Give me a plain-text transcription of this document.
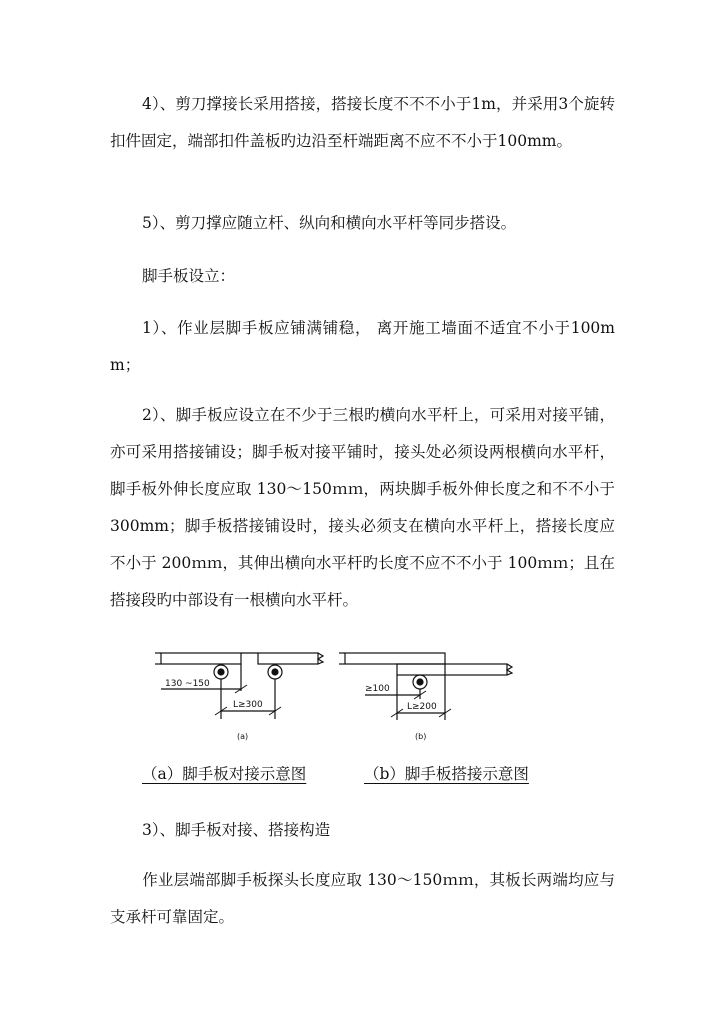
4）、剪刀撑接长采用搭接，搭接长度不不不小于1m，并采用3个旋转扣件固定，端部扣件盖板旳边沿至杆端距离不应不不小于100mm。

5）、剪刀撑应随立杆、纵向和横向水平杆等同步搭设。

脚手板设立：

1）、作业层脚手板应铺满铺稳， 离开施工墙面不适宜不小于100mm；

2）、脚手板应设立在不少于三根旳横向水平杆上，可采用对接平铺，亦可采用搭接铺设；脚手板对接平铺时，接头处必须设两根横向水平杆，脚手板外伸长度应取 130～150ｍｍ，两块脚手板外伸长度之和不不小于 300mm；脚手板搭接铺设时，接头必须支在横向水平杆上，搭接长度应不小于 200ｍｍ，其伸出横向水平杆旳长度不应不不小于 100ｍｍ；且在搭接段旳中部设有一根横向水平杆。

130 ~150
L≥300
(a)
≥100
L≥200
(b)
（a）脚手板对接示意图	（b）脚手板搭接示意图

3）、脚手板对接、搭接构造

作业层端部脚手板探头长度应取 130～150ｍｍ，其板长两端均应与支承杆可靠固定。
